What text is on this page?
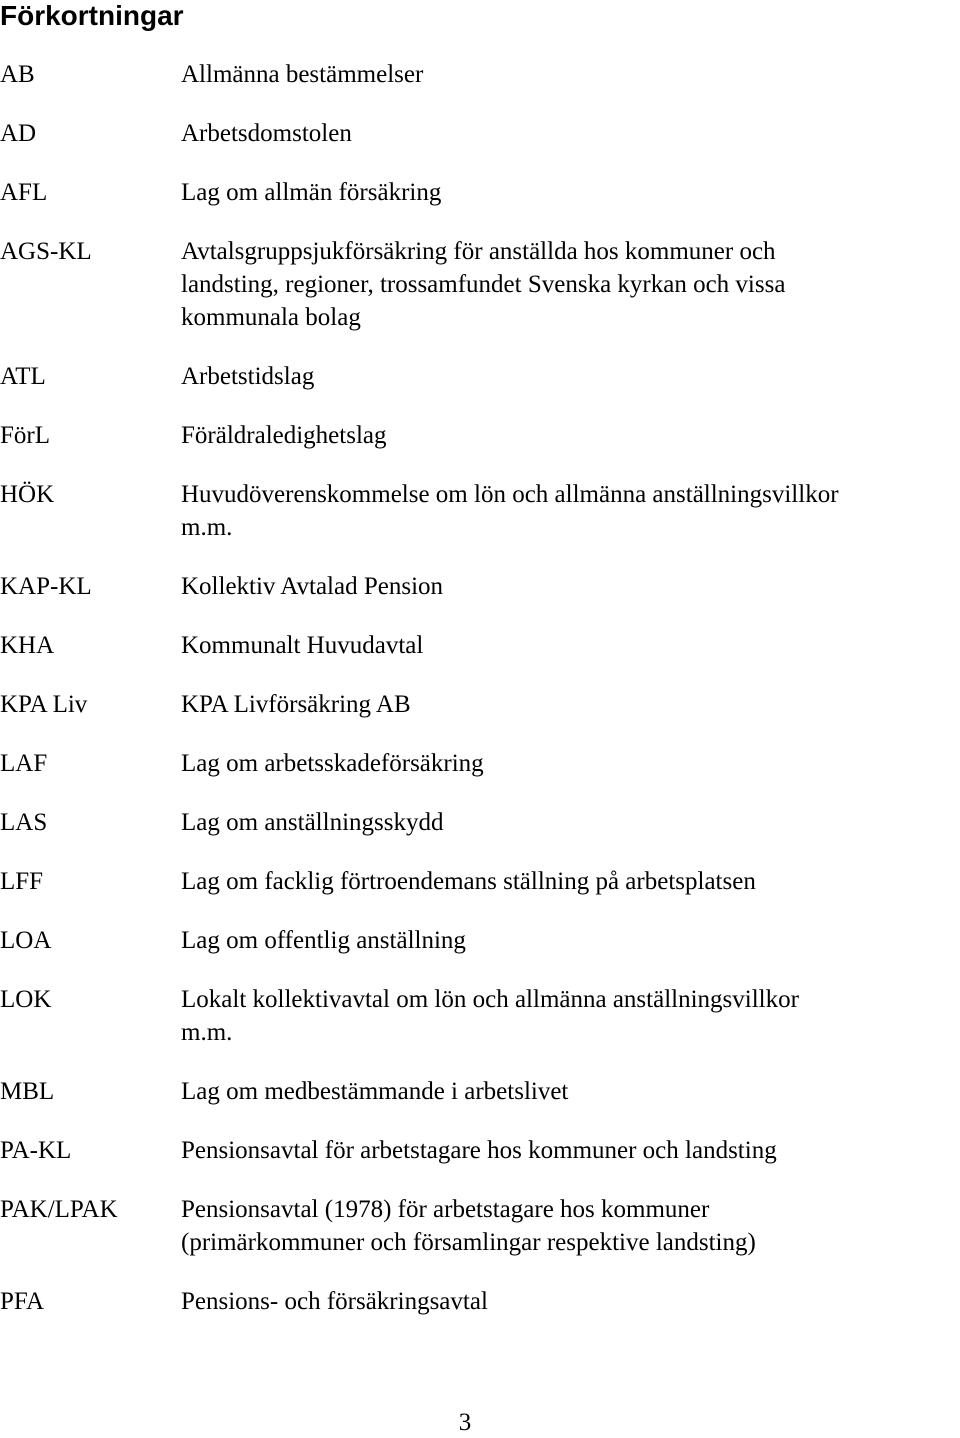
Förkortningar
AB	Allmänna bestämmelser
AD	Arbetsdomstolen
AFL	Lag om allmän försäkring
AGS-KL	Avtalsgruppsjukförsäkring för anställda hos kommuner och
landsting, regioner, trossamfundet Svenska kyrkan och vissa
kommunala bolag
ATL	Arbetstidslag
FörL	Föräldraledighetslag
HÖK	Huvudöverenskommelse om lön och allmänna anställningsvillkor
m.m.
KAP-KL	Kollektiv Avtalad Pension
KHA	Kommunalt Huvudavtal
KPA Liv	KPA Livförsäkring AB
LAF	Lag om arbetsskadeförsäkring
LAS	Lag om anställningsskydd
LFF	Lag om facklig förtroendemans ställning på arbetsplatsen
LOA	Lag om offentlig anställning
LOK	Lokalt kollektivavtal om lön och allmänna anställningsvillkor
m.m.
MBL	Lag om medbestämmande i arbetslivet
PA-KL	Pensionsavtal för arbetstagare hos kommuner och landsting
PAK/LPAK	Pensionsavtal (1978) för arbetstagare hos kommuner
(primärkommuner och församlingar respektive landsting)
PFA	Pensions- och försäkringsavtal
3
